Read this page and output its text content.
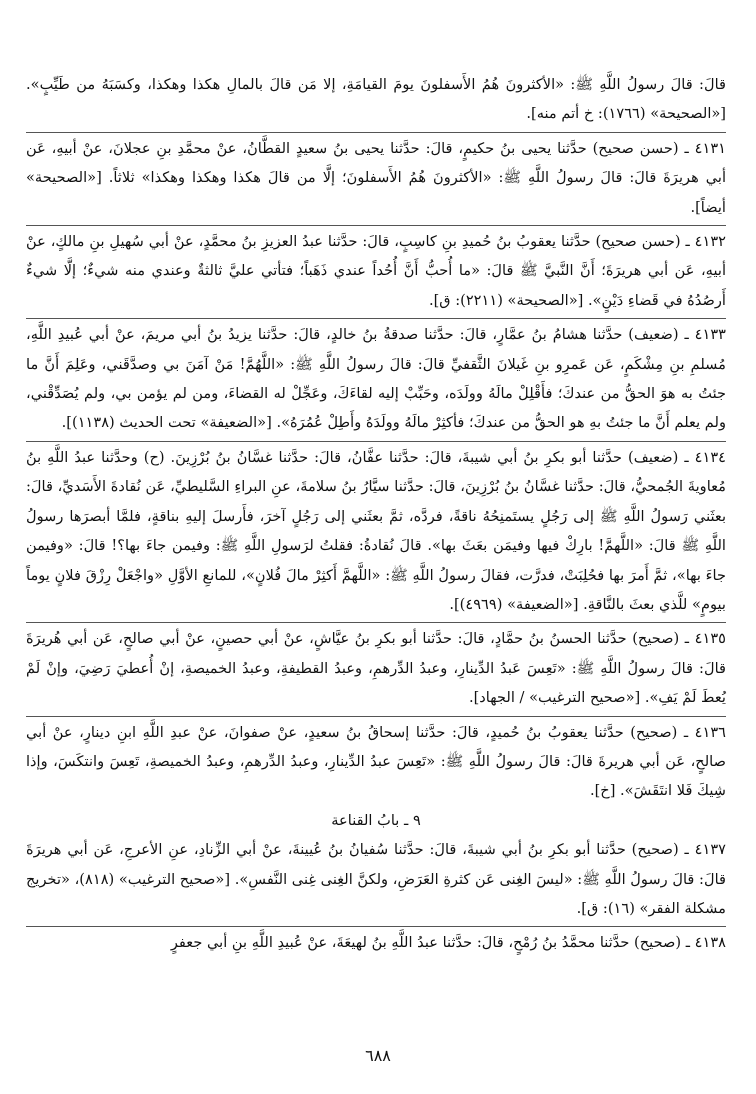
قالَ: قالَ رسولُ اللَّهِ ﷺ: «الأكثرونَ هُمُ الأَسفلونَ يومَ القيامَةِ، إلا مَن قالَ بالمالِ هكذا وهكذا، وكسَبَهُ من طَيِّبٍ». [«الصحيحة» (١٧٦٦): خ أتم منه].

٤١٣١ ـ (حسن صحيح) حدَّثنا يحيى بنُ حكيمٍ، قالَ: حدَّثنا يحيى بنُ سعيدٍ القطَّانُ، عنْ محمَّدِ بنِ عجلانَ، عنْ أبيهِ، عَن أبي هريرَةَ قالَ: قالَ رسولُ اللَّهِ ﷺ: «الأكثرونَ هُمُ الأَسفلونَ؛ إلَّا من قالَ هكذا وهكذا وهكذا» ثلاثاً. [«الصحيحة» أيضاً].

٤١٣٢ ـ (حسن صحيح) حدَّثنا يعقوبُ بنُ حُميدِ بنِ كاسِبٍ، قالَ: حدَّثنا عبدُ العزيزِ بنُ محمَّدٍ، عنْ أبي سُهيلِ بنِ مالكٍ، عنْ أبيهِ، عَن أبي هريرَةَ؛ أَنَّ النَّبيَّ ﷺ قالَ: «ما أُحبُّ أَنَّ أُحُداً عندي ذَهَباً؛ فتأتي عليَّ ثالثةٌ وعندي منه شيءٌ؛ إلَّا شيءٌ أَرصُدُهُ في قَضاءِ دَيْنٍ». [«الصحيحة» (٢٢١١): ق].

٤١٣٣ ـ (ضعيف) حدَّثنا هشامُ بنُ عمَّارٍ، قالَ: حدَّثنا صدقةُ بنُ خالدٍ، قالَ: حدَّثنا يزيدُ بنُ أبي مريمَ، عنْ أبي عُبيدِ اللَّهِ، مُسلمِ بنِ مِشْكَمٍ، عَن عَمرِو بنِ غَيلانَ الثَّقفيِّ قالَ: قالَ رسولُ اللَّهِ ﷺ: «اللَّهُمَّ! مَنْ آمَنَ بي وصدَّقَني، وعَلِمَ أَنَّ ما جئتُ به هوَ الحقُّ من عندكَ؛ فأَقْلِلْ مالَهُ وولَدَه، وحَبِّبْ إليه لقاءَكَ، وعَجِّلْ له القضاءَ، ومن لم يؤمن بي، ولم يُصَدِّقْني، ولم يعلم أَنَّ ما جئتُ بهِ هو الحقُّ من عندكَ؛ فأكثِرْ مالَهُ وولَدَهُ وأَطِلْ عُمُرَهُ». [«الضعيفة» تحت الحديث (١١٣٨)].

٤١٣٤ ـ (ضعيف) حدَّثنا أبو بكرِ بنُ أبي شيبةَ، قالَ: حدَّثنا عفَّانُ، قالَ: حدَّثنا غسَّانُ بنُ بُرْزِينَ. (ح) وحدَّثنا عبدُ اللَّهِ بنُ مُعاويةَ الجُمحيُّ، قالَ: حدَّثنا غسَّانُ بنُ بُرْزِينَ، قالَ: حدَّثنا سيَّارُ بنُ سلامةَ، عنِ البراءِ السَّليطيِّ، عَن نُقادةَ الأَسَديِّ، قالَ: بعثَني رَسولُ اللَّهِ ﷺ إلى رَجُلٍ يستَمنِحُهُ ناقةً، فردَّه، ثمَّ بعثَني إلى رَجُلٍ آخرَ، فأَرسلَ إليهِ بناقةٍ، فلمَّا أبصرَها رسولُ اللَّهِ ﷺ قالَ: «اللَّهمَّ! بارِكْ فيها وفيمَن بعَثَ بها». قالَ نُقادةُ: فقلتُ لرَسولِ اللَّهِ ﷺ: وفيمن جاءَ بها؟! قالَ: «وفيمن جاءَ بها»، ثمَّ أَمرَ بها فحُلِبَتْ، فدرَّت، فقالَ رسولُ اللَّهِ ﷺ: «اللَّهمَّ أَكثِرْ مالَ فُلانٍ»، للمانعِ الأوَّلِ «واجْعَلْ رِزْقَ فلانٍ يوماً بيومٍ» للَّذي بعثَ بالنَّاقةِ. [«الضعيفة» (٤٩٦٩)].

٤١٣٥ ـ (صحيح) حدَّثنا الحسنُ بنُ حمَّادٍ، قالَ: حدَّثنا أبو بكرِ بنُ عيَّاشٍ، عنْ أبي حصينٍ، عنْ أبي صالحٍ، عَن أبي هُريرَةَ قالَ: قالَ رسولُ اللَّهِ ﷺ: «تَعِسَ عَبدُ الدِّينارِ، وعبدُ الدِّرهمِ، وعبدُ القطيفةِ، وعبدُ الخميصةِ، إنْ أُعطيَ رَضِيَ، وإنْ لَمْ يُعطَ لَمْ يَفِ». [«صحيح الترغيب» / الجهاد].

٤١٣٦ ـ (صحيح) حدَّثنا يعقوبُ بنُ حُميدٍ، قالَ: حدَّثنا إسحاقُ بنُ سعيدٍ، عنْ صفوانَ، عنْ عبدِ اللَّهِ ابنِ دينارٍ، عنْ أبي صالحٍ، عَن أبي هريرةَ قالَ: قالَ رسولُ اللَّهِ ﷺ: «تَعِسَ عبدُ الدِّينارِ، وعبدُ الدِّرهمِ، وعبدُ الخميصةِ، تَعِسَ وانتكَسَ، وإذا شِيكَ فَلا انتَقَشَ». [خ].

٩ ـ بابُ القناعة

٤١٣٧ ـ (صحيح) حدَّثنا أبو بكرِ بنُ أبي شيبةَ، قالَ: حدَّثنا سُفيانُ بنُ عُيينةَ، عنْ أبي الزِّنادِ، عنِ الأعرجِ، عَن أبي هريرَةَ قالَ: قالَ رسولُ اللَّهِ ﷺ: «ليسَ الغِنى عَن كثرةِ العَرَضِ، ولكنَّ الغِنى غِنى النَّفسِ». [«صحيح الترغيب» (٨١٨)، «تخريج مشكلة الفقر» (١٦): ق].

٤١٣٨ ـ (صحيح) حدَّثنا محمَّدُ بنُ رُمْحٍ، قالَ: حدَّثنا عبدُ اللَّهِ بنُ لهيعَةَ، عنْ عُبيدِ اللَّهِ بنِ أبي جعفرٍ

٦٨٨
